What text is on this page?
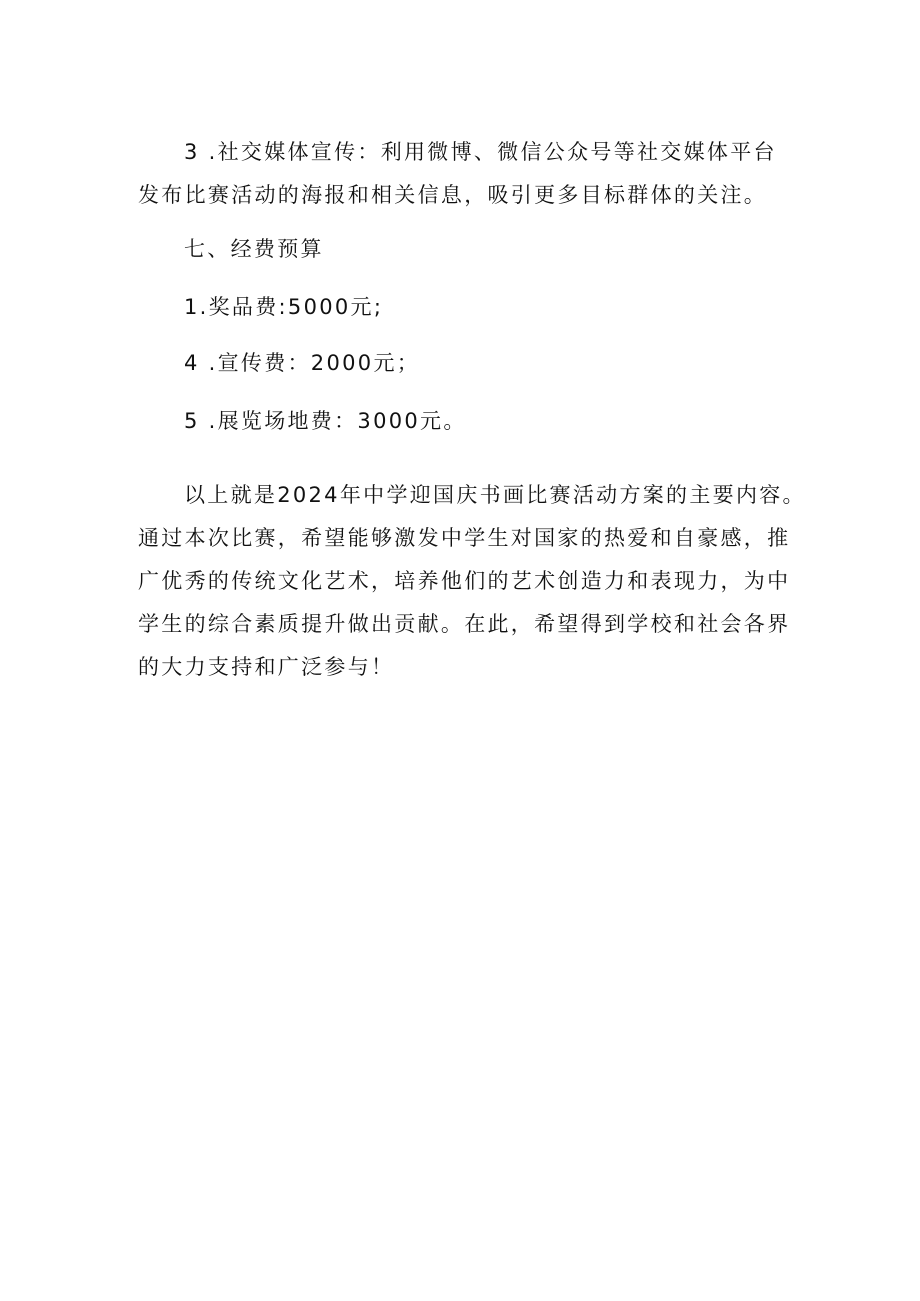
3 .社交媒体宣传：利用微博、微信公众号等社交媒体平台
发布比赛活动的海报和相关信息，吸引更多目标群体的关注。
七、经费预算
1.奖品费:5000元;
4 .宣传费：2000元；
5 .展览场地费：3000元。
以上就是2024年中学迎国庆书画比赛活动方案的主要内容。
通过本次比赛，希望能够激发中学生对国家的热爱和自豪感，推
广优秀的传统文化艺术，培养他们的艺术创造力和表现力，为中
学生的综合素质提升做出贡献。在此，希望得到学校和社会各界
的大力支持和广泛参与！
